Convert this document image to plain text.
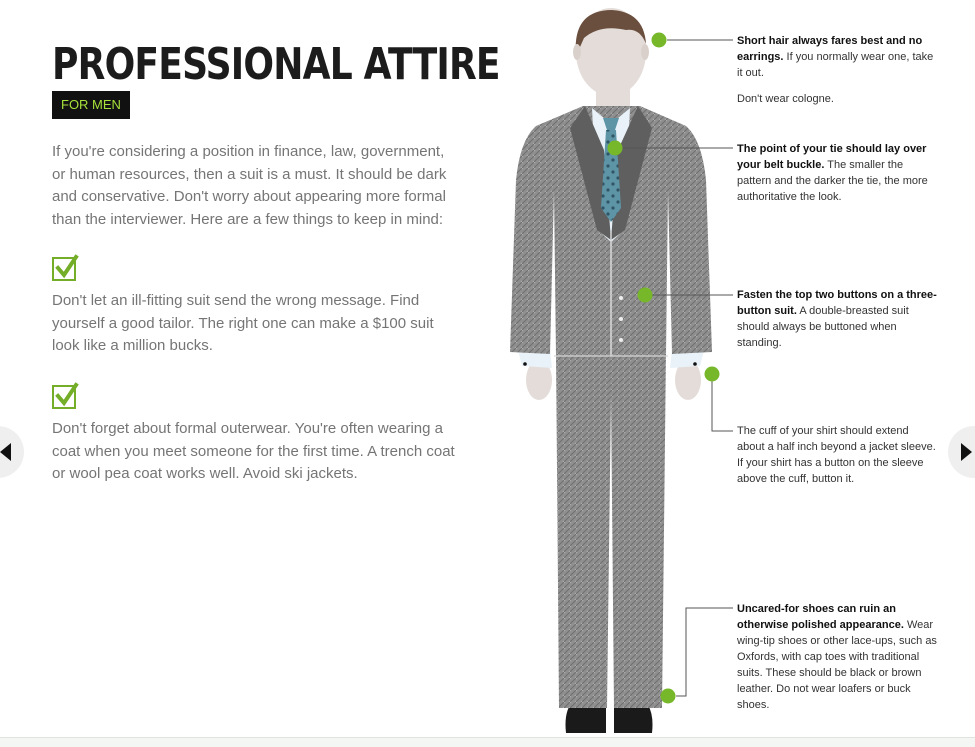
PROFESSIONAL ATTIRE
FOR MEN

If you're considering a position in finance, law, government, or human resources, then a suit is a must. It should be dark and conservative. Don't worry about appearing more formal than the interviewer. Here are a few things to keep in mind:

Don't let an ill-fitting suit send the wrong message. Find yourself a good tailor. The right one can make a $100 suit look like a million bucks.

Don't forget about formal outerwear. You're often wearing a coat when you meet someone for the first time. A trench coat or wool pea coat works well. Avoid ski jackets.

Short hair always fares best and no earrings. If you normally wear one, take it out.

Don't wear cologne.

The point of your tie should lay over your belt buckle. The smaller the pattern and the darker the tie, the more authoritative the look.

Fasten the top two buttons on a three-button suit. A double-breasted suit should always be buttoned when standing.

The cuff of your shirt should extend about a half inch beyond a jacket sleeve. If your shirt has a button on the sleeve above the cuff, button it.

Uncared-for shoes can ruin an otherwise polished appearance. Wear wing-tip shoes or other lace-ups, such as Oxfords, with cap toes with traditional suits. These should be black or brown leather. Do not wear loafers or buck shoes.
